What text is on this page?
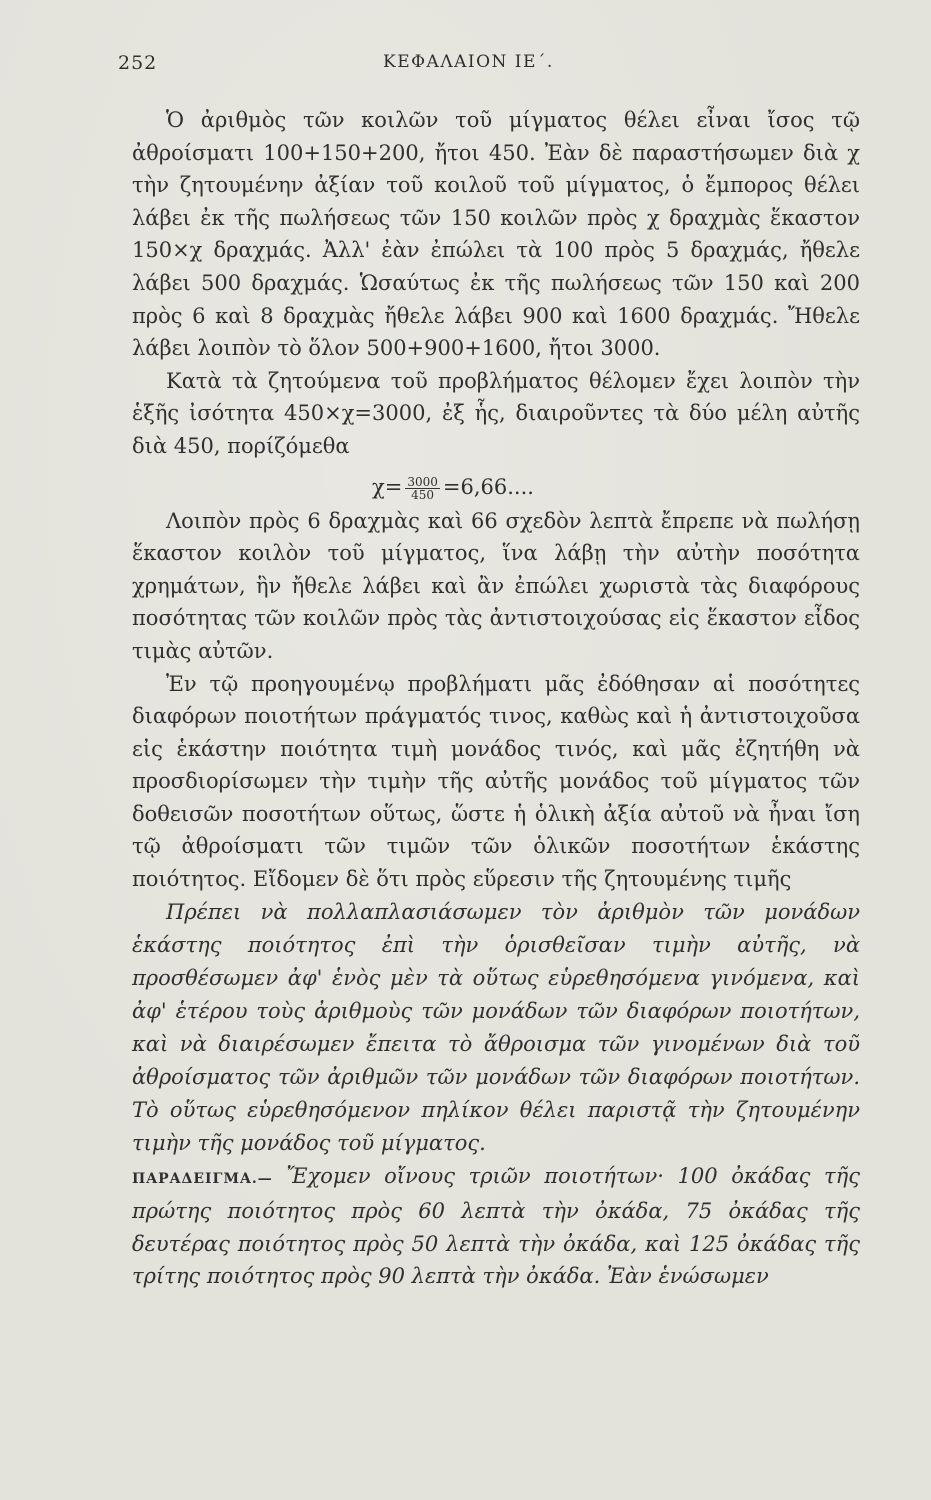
252	ΚΕΦΑΛΑΙΟΝ ΙΕ΄.

Ὁ ἀριθμὸς τῶν κοιλῶν τοῦ μίγματος θέλει εἶναι ἴσος τῷ ἀθροίσματι 100+150+200, ἤτοι 450. Ἐὰν δὲ παραστήσωμεν διὰ χ τὴν ζητουμένην ἀξίαν τοῦ κοιλοῦ τοῦ μίγματος, ὁ ἔμπορος θέλει λάβει ἐκ τῆς πωλήσεως τῶν 150 κοιλῶν πρὸς χ δραχμὰς ἕκαστον 150×χ δραχμάς. Ἀλλ' ἐὰν ἐπώλει τὰ 100 πρὸς 5 δραχμάς, ἤθελε λάβει 500 δραχμάς. Ὡσαύτως ἐκ τῆς πωλήσεως τῶν 150 καὶ 200 πρὸς 6 καὶ 8 δραχμὰς ἤθελε λάβει 900 καὶ 1600 δραχμάς. Ἤθελε λάβει λοιπὸν τὸ ὅλον 500+900+1600, ἤτοι 3000.

Κατὰ τὰ ζητούμενα τοῦ προβλήματος θέλομεν ἔχει λοιπὸν τὴν ἑξῆς ἰσότητα 450×χ=3000, ἐξ ἧς, διαιροῦντες τὰ δύο μέλη αὐτῆς διὰ 450, πορίζόμεθα

$\chi= \frac{3000}{450} =6,66$....

Λοιπὸν πρὸς 6 δραχμὰς καὶ 66 σχεδὸν λεπτὰ ἔπρεπε νὰ πωλήσῃ ἕκαστον κοιλὸν τοῦ μίγματος, ἵνα λάβῃ τὴν αὐτὴν ποσότητα χρημάτων, ἣν ἤθελε λάβει καὶ ἂν ἐπώλει χωριστὰ τὰς διαφόρους ποσότητας τῶν κοιλῶν πρὸς τὰς ἀντιστοιχούσας εἰς ἕκαστον εἶδος τιμὰς αὐτῶν.

Ἐν τῷ προηγουμένῳ προβλήματι μᾶς ἐδόθησαν αἱ ποσότητες διαφόρων ποιοτήτων πράγματός τινος, καθὼς καὶ ἡ ἀντιστοιχοῦσα εἰς ἑκάστην ποιότητα τιμὴ μονάδος τινός, καὶ μᾶς ἐζητήθη νὰ προσδιορίσωμεν τὴν τιμὴν τῆς αὐτῆς μονάδος τοῦ μίγματος τῶν δοθεισῶν ποσοτήτων οὕτως, ὥστε ἡ ὁλικὴ ἀξία αὐτοῦ νὰ ἦναι ἴση τῷ ἀθροίσματι τῶν τιμῶν τῶν ὁλικῶν ποσοτήτων ἑκάστης ποιότητος. Εἴδομεν δὲ ὅτι πρὸς εὕρεσιν τῆς ζητουμένης τιμῆς

Πρέπει νὰ πολλαπλασιάσωμεν τὸν ἀριθμὸν τῶν μονάδων ἑκάστης ποιότητος ἐπὶ τὴν ὁρισθεῖσαν τιμὴν αὐτῆς, νὰ προσθέσωμεν ἀφ' ἑνὸς μὲν τὰ οὕτως εὑρεθησόμενα γινόμενα, καὶ ἀφ' ἑτέρου τοὺς ἀριθμοὺς τῶν μονάδων τῶν διαφόρων ποιοτήτων, καὶ νὰ διαιρέσωμεν ἔπειτα τὸ ἄθροισμα τῶν γινομένων διὰ τοῦ ἀθροίσματος τῶν ἀριθμῶν τῶν μονάδων τῶν διαφόρων ποιοτήτων. Τὸ οὕτως εὑρεθησόμενον πηλίκον θέλει παριστᾷ τὴν ζητουμένην τιμὴν τῆς μονάδος τοῦ μίγματος.

ΠΑΡΑΔΕΙΓΜΑ.— Ἔχομεν οἴνους τριῶν ποιοτήτων· 100 ὀκάδας τῆς πρώτης ποιότητος πρὸς 60 λεπτὰ τὴν ὀκάδα, 75 ὀκάδας τῆς δευτέρας ποιότητος πρὸς 50 λεπτὰ τὴν ὀκάδα, καὶ 125 ὀκάδας τῆς τρίτης ποιότητος πρὸς 90 λεπτὰ τὴν ὀκάδα. Ἐὰν ἑνώσωμεν
